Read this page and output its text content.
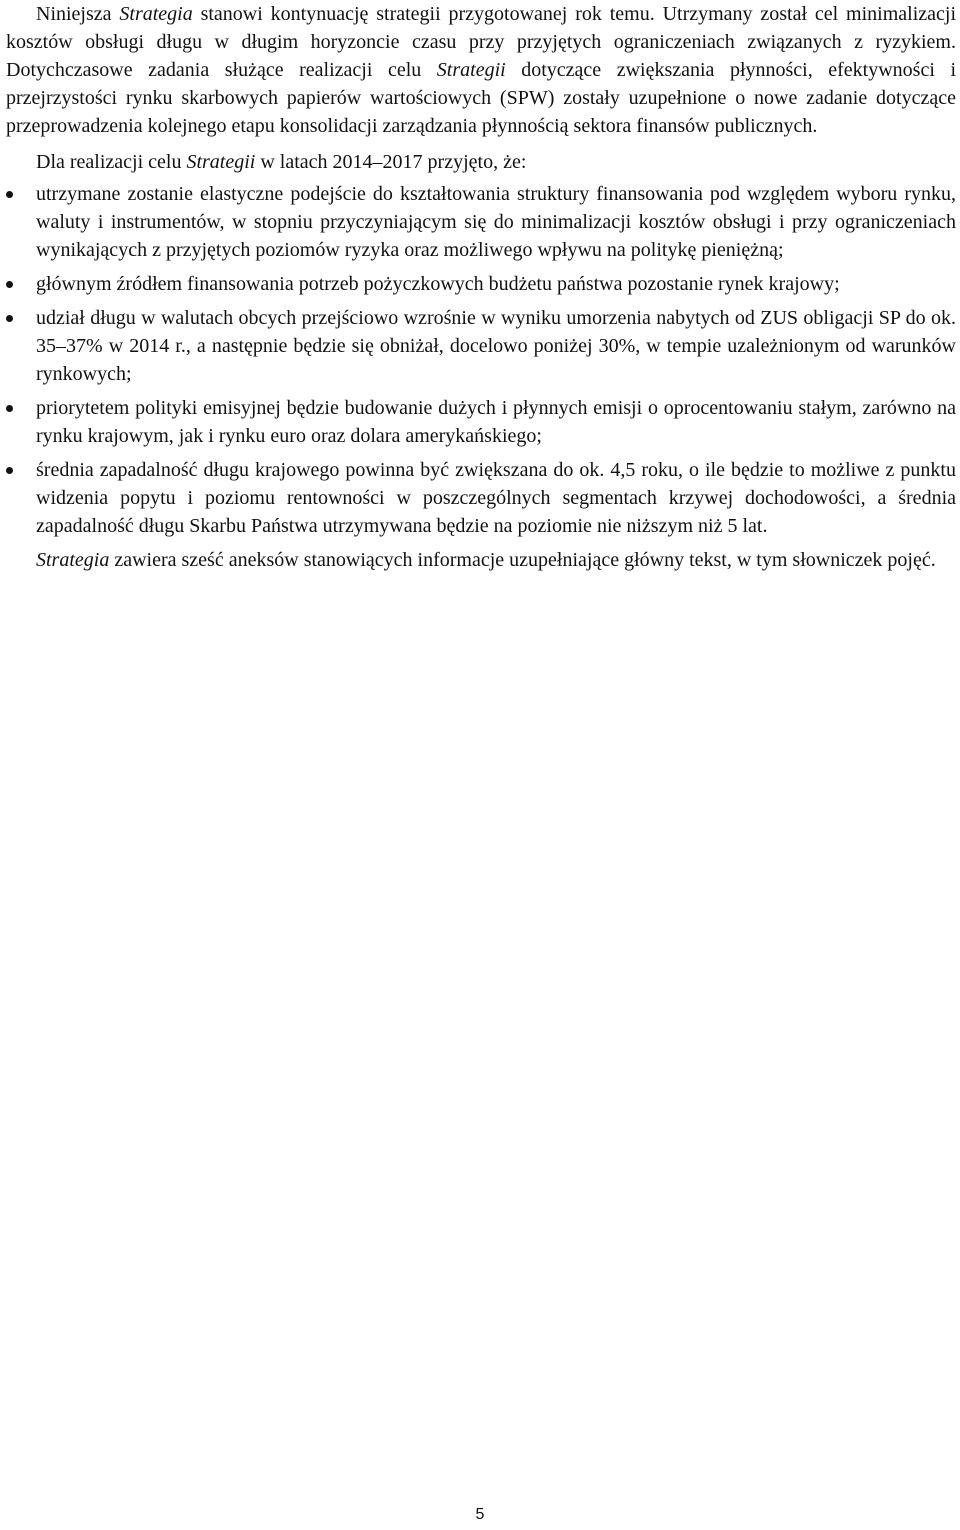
Niniejsza Strategia stanowi kontynuację strategii przygotowanej rok temu. Utrzymany został cel minimalizacji kosztów obsługi długu w długim horyzoncie czasu przy przyjętych ograniczeniach związanych z ryzykiem. Dotychczasowe zadania służące realizacji celu Strategii dotyczące zwiększania płynności, efektywności i przejrzystości rynku skarbowych papierów wartościowych (SPW) zostały uzupełnione o nowe zadanie dotyczące przeprowadzenia kolejnego etapu konsolidacji zarządzania płynnością sektora finansów publicznych.

Dla realizacji celu Strategii w latach 2014–2017 przyjęto, że:

utrzymane zostanie elastyczne podejście do kształtowania struktury finansowania pod względem wyboru rynku, waluty i instrumentów, w stopniu przyczyniającym się do minimalizacji kosztów obsługi i przy ograniczeniach wynikających z przyjętych poziomów ryzyka oraz możliwego wpływu na politykę pieniężną;
głównym źródłem finansowania potrzeb pożyczkowych budżetu państwa pozostanie rynek krajowy;
udział długu w walutach obcych przejściowo wzrośnie w wyniku umorzenia nabytych od ZUS obligacji SP do ok. 35–37% w 2014 r., a następnie będzie się obniżał, docelowo poniżej 30%, w tempie uzależnionym od warunków rynkowych;
priorytetem polityki emisyjnej będzie budowanie dużych i płynnych emisji o oprocentowaniu stałym, zarówno na rynku krajowym, jak i rynku euro oraz dolara amerykańskiego;
średnia zapadalność długu krajowego powinna być zwiększana do ok. 4,5 roku, o ile będzie to możliwe z punktu widzenia popytu i poziomu rentowności w poszczególnych segmentach krzywej dochodowości, a średnia zapadalność długu Skarbu Państwa utrzymywana będzie na poziomie nie niższym niż 5 lat.

Strategia zawiera sześć aneksów stanowiących informacje uzupełniające główny tekst, w tym słowniczek pojęć.

5
